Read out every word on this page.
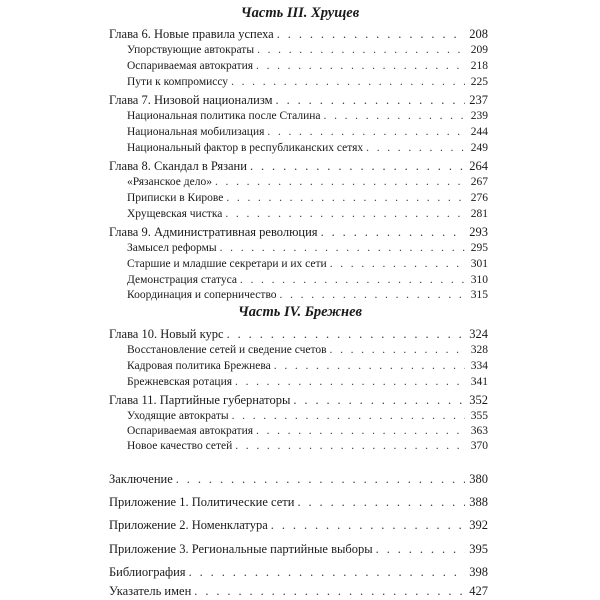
Часть III. Хрущев
Глава 6. Новые правила успеха . . .	208
Упорствующие автократы . . .	209
Оспариваемая автократия . . .	218
Пути к компромиссу . . .	225
Глава 7. Низовой национализм . . .	237
Национальная политика после Сталина . . .	239
Национальная мобилизация . . .	244
Национальный фактор в республиканских сетях . . .	249
Глава 8. Скандал в Рязани . . .	264
«Рязанское дело» . . .	267
Приписки в Кирове . . .	276
Хрущевская чистка . . .	281
Глава 9. Административная революция . . .	293
Замысел реформы . . .	295
Старшие и младшие секретари и их сети . . .	301
Демонстрация статуса . . .	310
Координация и соперничество . . .	315
Часть IV. Брежнев
Глава 10. Новый курс . . .	324
Восстановление сетей и сведение счетов . . .	328
Кадровая политика Брежнева . . .	334
Брежневская ротация . . .	341
Глава 11. Партийные губернаторы . . .	352
Уходящие автократы . . .	355
Оспариваемая автократия . . .	363
Новое качество сетей . . .	370
Заключение . . .	380
Приложение 1. Политические сети . . .	388
Приложение 2. Номенклатура . . .	392
Приложение 3. Региональные партийные выборы . . .	395
Библиография . . .	398
Указатель имен . . .	427
